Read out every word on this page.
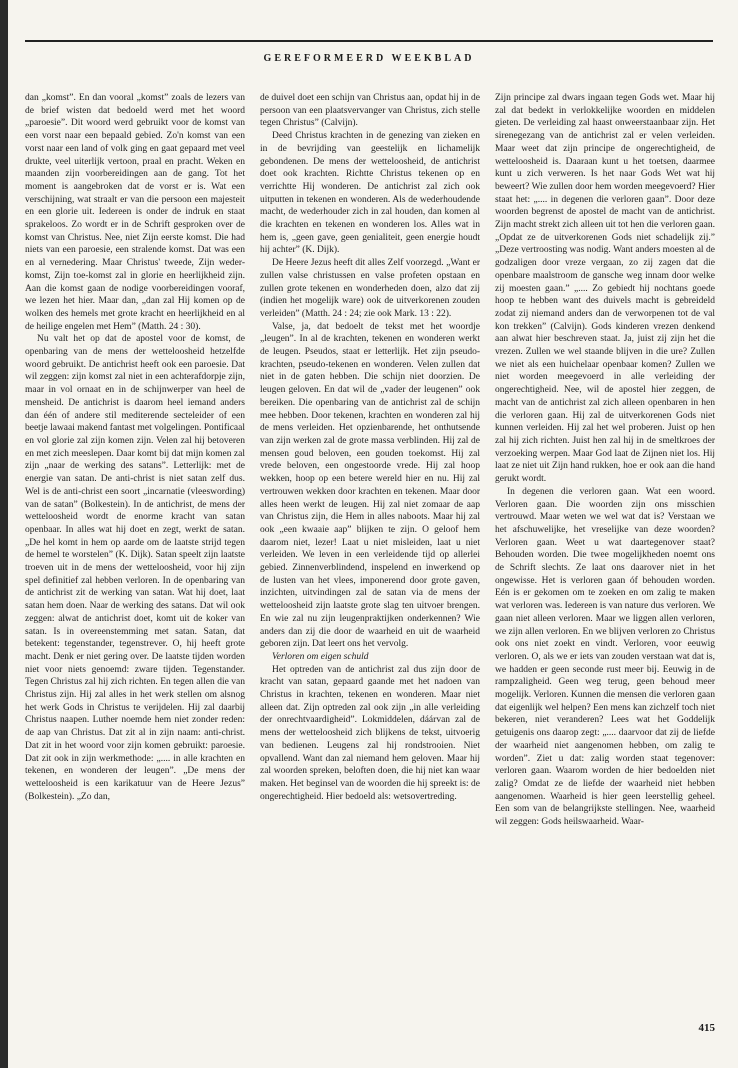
GEREFORMEERD WEEKBLAD

dan „komst”. En dan vooral „komst” zoals de lezers van de brief wisten dat bedoeld werd met het woord „paroesie”. Dit woord werd gebruikt voor de komst van een vorst naar een bepaald gebied. Zo'n komst van een vorst naar een land of volk ging en gaat gepaard met veel drukte, veel uiterlijk vertoon, praal en pracht. Weken en maanden zijn voorbereidingen aan de gang. Tot het moment is aangebroken dat de vorst er is. Wat een verschijning, wat straalt er van die persoon een majesteit en een glorie uit. Iedereen is onder de indruk en staat sprakeloos. Zo wordt er in de Schrift gesproken over de komst van Christus. Nee, niet Zijn eerste komst. Die had niets van een paroesie, een stralende komst. Dat was een en al vernedering. Maar Christus' tweede, Zijn weder-komst, Zijn toe-komst zal in glorie en heerlijkheid zijn. Aan die komst gaan de nodige voorbereidingen vooraf, we lezen het hier. Maar dan, „dan zal Hij komen op de wolken des hemels met grote kracht en heerlijkheid en al de heilige engelen met Hem” (Matth. 24 : 30).

Nu valt het op dat de apostel voor de komst, de openbaring van de mens der wetteloosheid hetzelfde woord gebruikt. De antichrist heeft ook een paroesie. Dat wil zeggen: zijn komst zal niet in een achterafdorpje zijn, maar in vol ornaat en in de schijnwerper van heel de mensheid. De antichrist is daarom heel iemand anders dan één of andere stil mediterende secteleider of een beetje lawaai makend fantast met volgelingen. Pontificaal en vol glorie zal zijn komen zijn. Velen zal hij betoveren en met zich meeslepen. Daar komt bij dat mijn komen zal zijn „naar de werking des satans”. Letterlijk: met de energie van satan. De anti-christ is niet satan zelf dus. Wel is de anti-christ een soort „incarnatie (vleeswording) van de satan” (Bolkestein). In de antichrist, de mens der wetteloosheid wordt de enorme kracht van satan openbaar. In alles wat hij doet en zegt, werkt de satan. „De hel komt in hem op aarde om de laatste strijd tegen de hemel te worstelen” (K. Dijk). Satan speelt zijn laatste troeven uit in de mens der wetteloosheid, voor hij zijn spel definitief zal hebben verloren. In de openbaring van de antichrist zit de werking van satan. Wat hij doet, laat satan hem doen. Naar de werking des satans. Dat wil ook zeggen: alwat de antichrist doet, komt uit de koker van satan. Is in overeenstemming met satan. Satan, dat betekent: tegenstander, tegenstrever. O, hij heeft grote macht. Denk er niet gering over. De laatste tijden worden niet voor niets genoemd: zware tijden. Tegenstander. Tegen Christus zal hij zich richten. En tegen allen die van Christus zijn. Hij zal alles in het werk stellen om alsnog het werk Gods in Christus te verijdelen. Hij zal daarbij Christus naapen. Luther noemde hem niet zonder reden: de aap van Christus. Dat zit al in zijn naam: anti-christ. Dat zit in het woord voor zijn komen gebruikt: paroesie. Dat zit ook in zijn werkmethode: „.... in alle krachten en tekenen, en wonderen der leugen”. „De mens der wetteloosheid is een karikatuur van de Heere Jezus” (Bolkestein). „Zo dan,

de duivel doet een schijn van Christus aan, opdat hij in de persoon van een plaatsvervanger van Christus, zich stelle tegen Christus” (Calvijn).

Deed Christus krachten in de genezing van zieken en in de bevrijding van geestelijk en lichamelijk gebondenen. De mens der wetteloosheid, de antichrist doet ook krachten. Richtte Christus tekenen op en verrichtte Hij wonderen. De antichrist zal zich ook uitputten in tekenen en wonderen. Als de wederhoudende macht, de wederhouder zich in zal houden, dan komen al die krachten en tekenen en wonderen los. Alles wat in hem is, „geen gave, geen genialiteit, geen energie houdt hij achter” (K. Dijk).

De Heere Jezus heeft dit alles Zelf voorzegd. „Want er zullen valse christussen en valse profeten opstaan en zullen grote tekenen en wonderheden doen, alzo dat zij (indien het mogelijk ware) ook de uitverkorenen zouden verleiden” (Matth. 24 : 24; zie ook Mark. 13 : 22).

Valse, ja, dat bedoelt de tekst met het woordje „leugen”. In al de krachten, tekenen en wonderen werkt de leugen. Pseudos, staat er letterlijk. Het zijn pseudo-krachten, pseudo-tekenen en wonderen. Velen zullen dat niet in de gaten hebben. Die schijn niet doorzien. De leugen geloven. En dat wil de „vader der leugenen” ook bereiken. Die openbaring van de antichrist zal de schijn mee hebben. Door tekenen, krachten en wonderen zal hij de mens verleiden. Het opzienbarende, het onthutsende van zijn werken zal de grote massa verblinden. Hij zal de mensen goud beloven, een gouden toekomst. Hij zal vrede beloven, een ongestoorde vrede. Hij zal hoop wekken, hoop op een betere wereld hier en nu. Hij zal vertrouwen wekken door krachten en tekenen. Maar door alles heen werkt de leugen. Hij zal niet zomaar de aap van Christus zijn, die Hem in alles naboots. Maar hij zal ook „een kwaaie aap” blijken te zijn. O geloof hem daarom niet, lezer! Laat u niet misleiden, laat u niet verleiden. We leven in een verleidende tijd op allerlei gebied. Zinnenverblindend, inspelend en inwerkend op de lusten van het vlees, imponerend door grote gaven, inzichten, uitvindingen zal de satan via de mens der wetteloosheid zijn laatste grote slag ten uitvoer brengen. En wie zal nu zijn leugenpraktijken onderkennen? Wie anders dan zij die door de waarheid en uit de waarheid geboren zijn. Dat leert ons het vervolg.

Verloren om eigen schuld

Het optreden van de antichrist zal dus zijn door de kracht van satan, gepaard gaande met het nadoen van Christus in krachten, tekenen en wonderen. Maar niet alleen dat. Zijn optreden zal ook zijn „in alle verleiding der onrechtvaardigheid”. Lokmiddelen, dáárvan zal de mens der wetteloosheid zich blijkens de tekst, uitvoerig van bedienen. Leugens zal hij rondstrooien. Niet opvallend. Want dan zal niemand hem geloven. Maar hij zal woorden spreken, beloften doen, die hij niet kan waar maken. Het beginsel van de woorden die hij spreekt is: de ongerechtigheid. Hier bedoeld als: wetsovertreding.

Zijn principe zal dwars ingaan tegen Gods wet. Maar hij zal dat bedekt in verlokkelijke woorden en middelen gieten. De verleiding zal haast onweerstaanbaar zijn. Het sirenegezang van de antichrist zal er velen verleiden. Maar weet dat zijn principe de ongerechtigheid, de wetteloosheid is. Daaraan kunt u het toetsen, daarmee kunt u zich verweren. Is het naar Gods Wet wat hij beweert? Wie zullen door hem worden meegevoerd? Hier staat het: „.... in degenen die verloren gaan”. Door deze woorden begrenst de apostel de macht van de antichrist. Zijn macht strekt zich alleen uit tot hen die verloren gaan. „Opdat ze de uitverkorenen Gods niet schadelijk zij.” „Deze vertroosting was nodig. Want anders moesten al de godzaligen door vreze vergaan, zo zij zagen dat die openbare maalstroom de gansche weg innam door welke zij moesten gaan.” „.... Zo gebiedt hij nochtans goede hoop te hebben want des duivels macht is gebreideld zodat zij niemand anders dan de verworpenen tot de val kon trekken” (Calvijn). Gods kinderen vrezen denkend aan alwat hier beschreven staat. Ja, juist zij zijn het die vrezen. Zullen we wel staande blijven in die ure? Zullen we niet als een huichelaar openbaar komen? Zullen we niet worden meegevoerd in alle verleiding der ongerechtigheid. Nee, wil de apostel hier zeggen, de macht van de antichrist zal zich alleen openbaren in hen die verloren gaan. Hij zal de uitverkorenen Gods niet kunnen verleiden. Hij zal het wel proberen. Juist op hen zal hij zich richten. Juist hen zal hij in de smeltkroes der verzoeking werpen. Maar God laat de Zijnen niet los. Hij laat ze niet uit Zijn hand rukken, hoe er ook aan die hand gerukt wordt.

In degenen die verloren gaan. Wat een woord. Verloren gaan. Die woorden zijn ons misschien vertrouwd. Maar weten we wel wat dat is? Verstaan we het afschuwelijke, het vreselijke van deze woorden? Verloren gaan. Weet u wat daartegenover staat? Behouden worden. Die twee mogelijkheden noemt ons de Schrift slechts. Ze laat ons daarover niet in het ongewisse. Het is verloren gaan óf behouden worden. Eén is er gekomen om te zoeken en om zalig te maken wat verloren was. Iedereen is van nature dus verloren. We gaan niet alleen verloren. Maar we liggen allen verloren, we zijn allen verloren. En we blijven verloren zo Christus ook ons niet zoekt en vindt. Verloren, voor eeuwig verloren. O, als we er iets van zouden verstaan wat dat is, we hadden er geen seconde rust meer bij. Eeuwig in de rampzaligheid. Geen weg terug, geen behoud meer mogelijk. Verloren. Kunnen die mensen die verloren gaan dat eigenlijk wel helpen? Een mens kan zichzelf toch niet bekeren, niet veranderen? Lees wat het Goddelijk getuigenis ons daarop zegt: „.... daarvoor dat zij de liefde der waarheid niet aangenomen hebben, om zalig te worden”. Ziet u dat: zalig worden staat tegenover: verloren gaan. Waarom worden de hier bedoelden niet zalig? Omdat ze de liefde der waarheid niet hebben aangenomen. Waarheid is hier geen leerstellig geheel. Een som van de belangrijkste stellingen. Nee, waarheid wil zeggen: Gods heilswaarheid. Waar-

415
